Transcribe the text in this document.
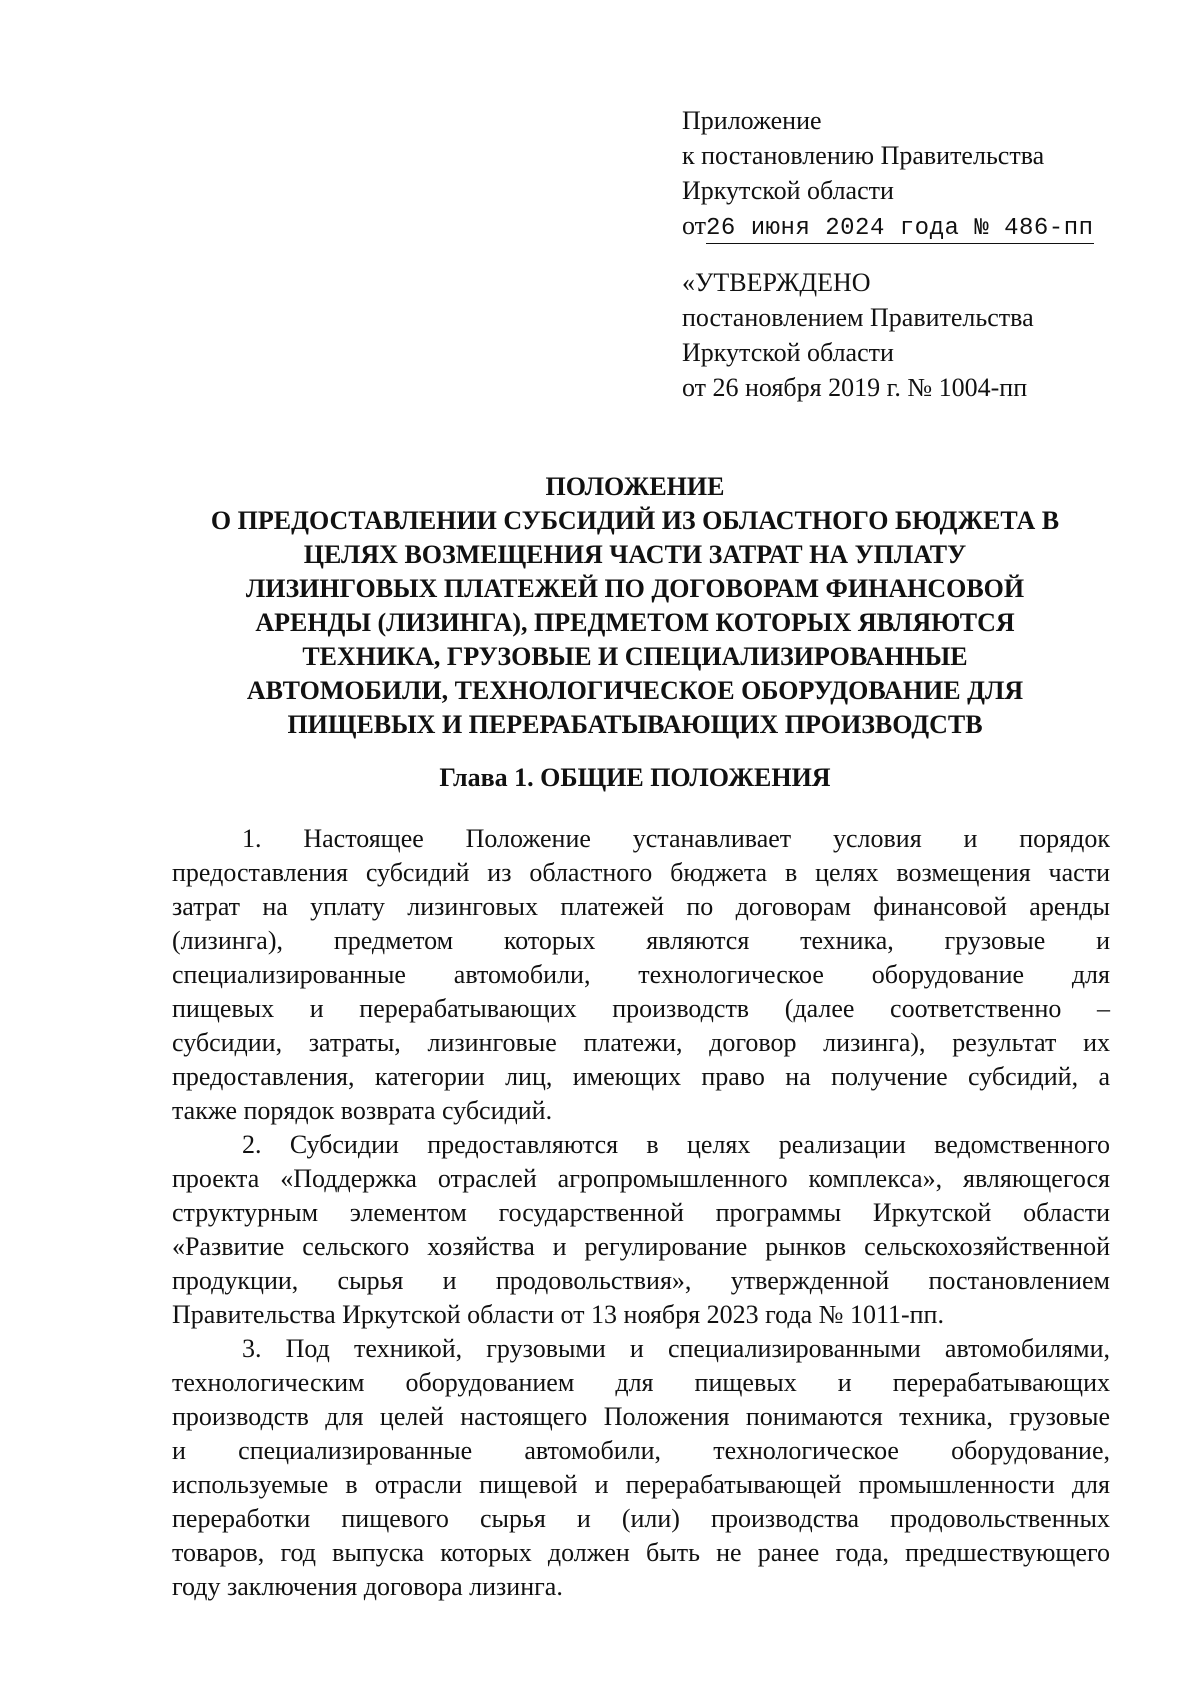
Приложение
к постановлению Правительства
Иркутской области
от26 июня 2024 года № 486-пп
«УТВЕРЖДЕНО
постановлением Правительства
Иркутской области
от 26 ноября 2019 г. № 1004-пп
ПОЛОЖЕНИЕ
О ПРЕДОСТАВЛЕНИИ СУБСИДИЙ ИЗ ОБЛАСТНОГО БЮДЖЕТА В
ЦЕЛЯХ ВОЗМЕЩЕНИЯ ЧАСТИ ЗАТРАТ НА УПЛАТУ
ЛИЗИНГОВЫХ ПЛАТЕЖЕЙ ПО ДОГОВОРАМ ФИНАНСОВОЙ
АРЕНДЫ (ЛИЗИНГА), ПРЕДМЕТОМ КОТОРЫХ ЯВЛЯЮТСЯ
ТЕХНИКА, ГРУЗОВЫЕ И СПЕЦИАЛИЗИРОВАННЫЕ
АВТОМОБИЛИ, ТЕХНОЛОГИЧЕСКОЕ ОБОРУДОВАНИЕ ДЛЯ
ПИЩЕВЫХ И ПЕРЕРАБАТЫВАЮЩИХ ПРОИЗВОДСТВ
Глава 1. ОБЩИЕ ПОЛОЖЕНИЯ

1. Настоящее Положение устанавливает условия и порядок
предоставления субсидий из областного бюджета в целях возмещения части
затрат на уплату лизинговых платежей по договорам финансовой аренды
(лизинга), предметом которых являются техника, грузовые и
специализированные автомобили, технологическое оборудование для
пищевых и перерабатывающих производств (далее соответственно –
субсидии, затраты, лизинговые платежи, договор лизинга), результат их
предоставления, категории лиц, имеющих право на получение субсидий, а
также порядок возврата субсидий.

2. Субсидии предоставляются в целях реализации ведомственного
проекта «Поддержка отраслей агропромышленного комплекса», являющегося
структурным элементом государственной программы Иркутской области
«Развитие сельского хозяйства и регулирование рынков сельскохозяйственной
продукции, сырья и продовольствия», утвержденной постановлением
Правительства Иркутской области от 13 ноября 2023 года № 1011-пп.

3. Под техникой, грузовыми и специализированными автомобилями,
технологическим оборудованием для пищевых и перерабатывающих
производств для целей настоящего Положения понимаются техника, грузовые
и специализированные автомобили, технологическое оборудование,
используемые в отрасли пищевой и перерабатывающей промышленности для
переработки пищевого сырья и (или) производства продовольственных
товаров, год выпуска которых должен быть не ранее года, предшествующего
году заключения договора лизинга.
